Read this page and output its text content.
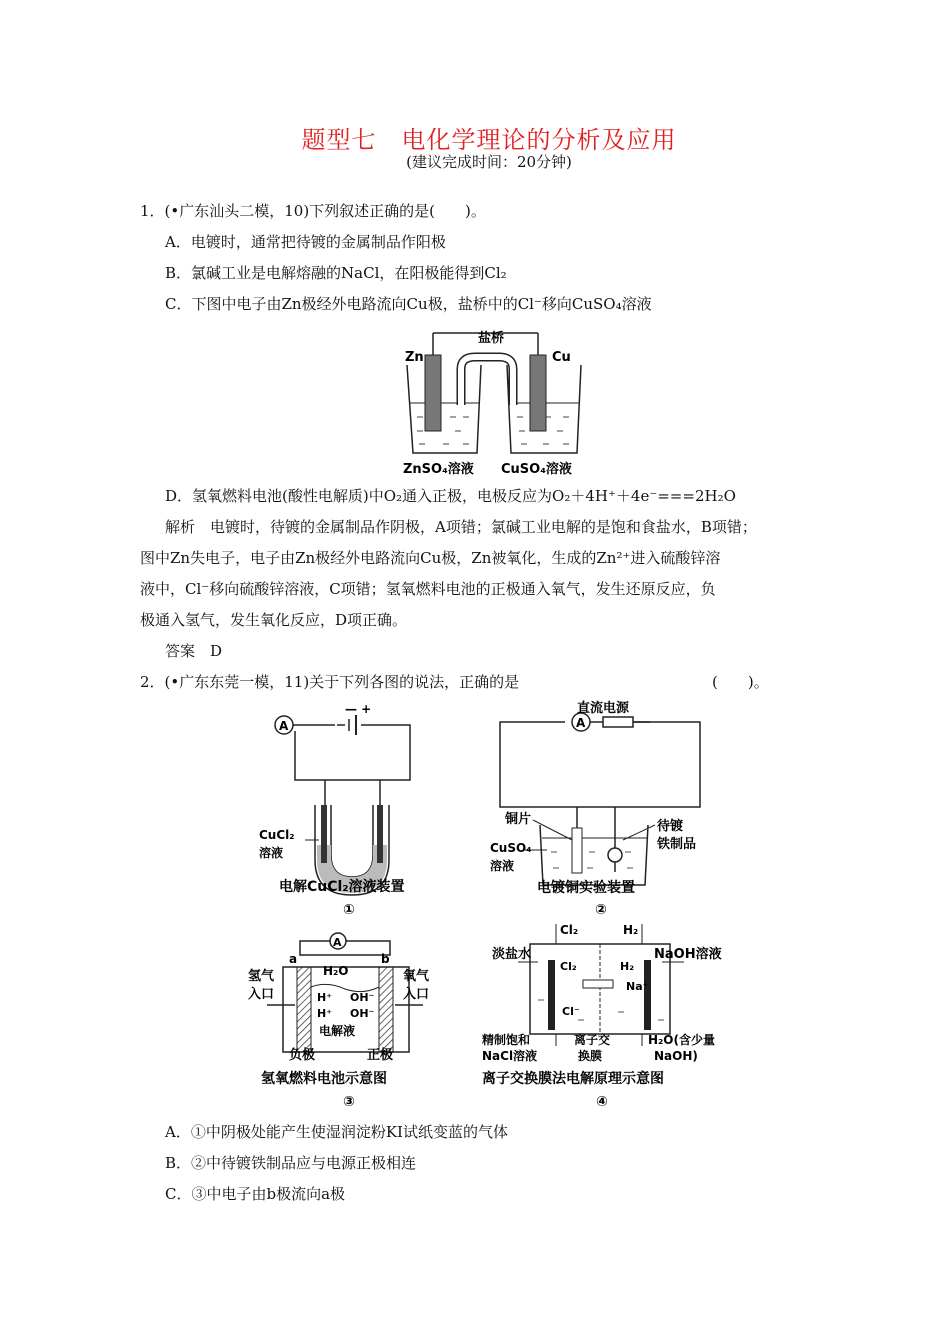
题型七　电化学理论的分析及应用
(建议完成时间：20分钟)
1．(•广东汕头二模，10)下列叙述正确的是(　　)。
A．电镀时，通常把待镀的金属制品作阳极
B．氯碱工业是电解熔融的NaCl，在阳极能得到Cl₂
C．下图中电子由Zn极经外电路流向Cu极，盐桥中的Cl⁻移向CuSO₄溶液
盐桥
Zn	Cu
ZnSO₄溶液 CuSO₄溶液
D．氢氧燃料电池(酸性电解质)中O₂通入正极，电极反应为O₂＋4H⁺＋4e⁻===2H₂O
解析　电镀时，待镀的金属制品作阴极，A项错；氯碱工业电解的是饱和食盐水，B项错；
图中Zn失电子，电子由Zn极经外电路流向Cu极，Zn被氧化，生成的Zn²⁺进入硫酸锌溶
液中，Cl⁻移向硫酸锌溶液，C项错；氢氧燃料电池的正极通入氧气，发生还原反应，负
极通入氢气，发生氧化反应，D项正确。
答案　D
2．(•广东东莞一模，11)关于下列各图的说法，正确的是	(　　)。
A
— +
CuCl₂
溶液
电解CuCl₂溶液装置
①
A
直流电源
铜片
CuSO₄
溶液
待镀
铁制品
电镀铜实验装置
②
A
a	b
H₂O
H⁺ OH⁻
H⁺ OH⁻
电解液
氢气
入口
氧气
入口
负极	正极
氢氧燃料电池示意图
③
Cl₂	H₂
Cl₂	H₂
Na⁺
Cl⁻
淡盐水	NaOH溶液
精制饱和
NaCl溶液
离子交
换膜
H₂O(含少量
NaOH)
离子交换膜法电解原理示意图
④
A．①中阴极处能产生使湿润淀粉KI试纸变蓝的气体
B．②中待镀铁制品应与电源正极相连
C．③中电子由b极流向a极
